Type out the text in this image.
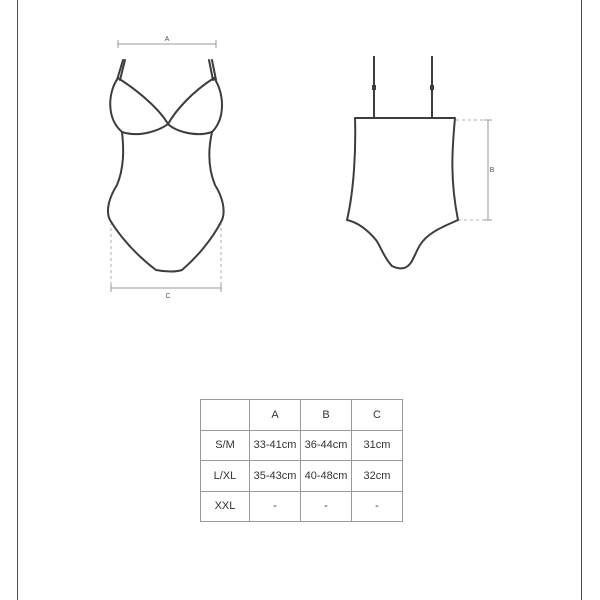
A
C
B
	A	B	C
S/M	33-41cm	36-44cm	31cm
L/XL	35-43cm	40-48cm	32cm
XXL	-	-	-
